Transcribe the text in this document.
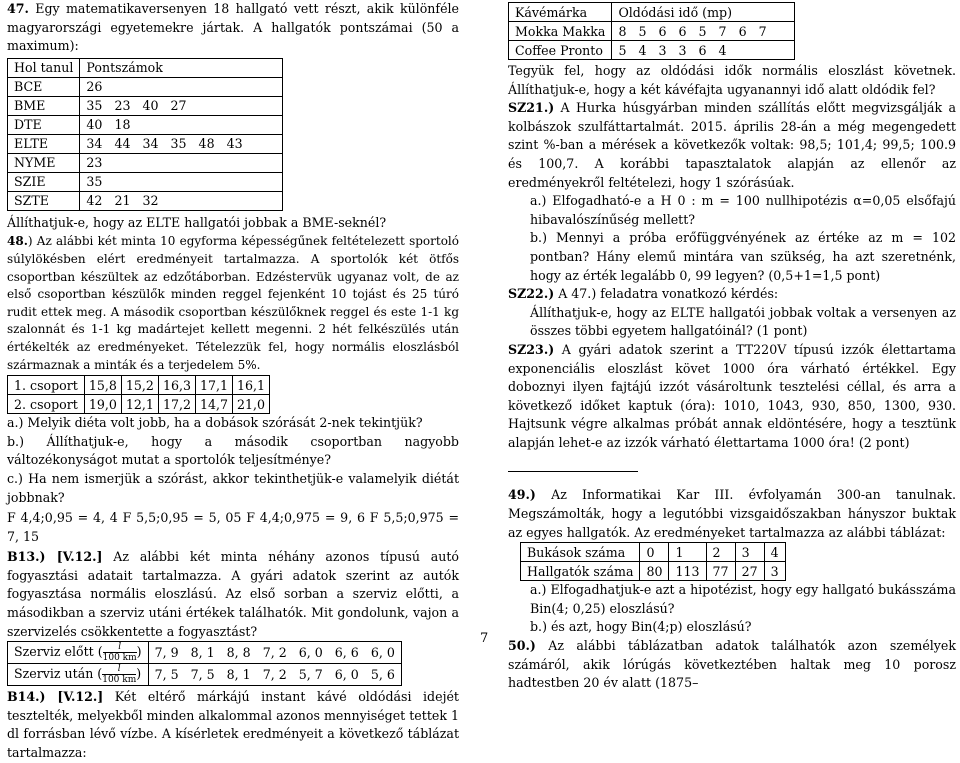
47. Egy matematikaversenyen 18 hallgató vett részt, akik különféle magyarországi egyetemekre jártak. A hallgatók pontszámai (50 a maximum):

Hol tanul	Pontszámok
BCE	26
BME	35   23   40   27
DTE	40   18
ELTE	34   44   34   35   48   43
NYME	23
SZIE	35
SZTE	42   21   32

Állíthatjuk-e, hogy az ELTE hallgatói jobbak a BME-seknél?

48.) Az alábbi két minta 10 egyforma képességűnek feltételezett sportoló súlylökésben elért eredményeit tartalmazza. A sportolók két ötfős csoportban készültek az edzőtáborban. Edzéstervük ugyanaz volt, de az első csoportban készülők minden reggel fejenként 10 tojást és 25 túró rudit ettek meg. A második csoportban készülőknek reggel és este 1-1 kg szalonnát és 1-1 kg madártejet kellett megenni. 2 hét felkészülés után értékelték az eredményeket. Tételezzük fel, hogy normális eloszlásból származnak a minták és a terjedelem 5%.

1. csoport	15,8	15,2	16,3	17,1	16,1
2. csoport	19,0	12,1	17,2	14,7	21,0

a.) Melyik diéta volt jobb, ha a dobások szórását 2-nek tekintjük?

b.) Állíthatjuk-e, hogy a második csoportban nagyobb változékonyságot mutat a sportolók teljesítménye?

c.) Ha nem ismerjük a szórást, akkor tekinthetjük-e valamelyik diétát jobbnak?

F 4,4;0,95 = 4, 4 F 5,5;0,95 = 5, 05 F 4,4;0,975 = 9, 6 F 5,5;0,975 = 7, 15

B13.) [V.12.] Az alábbi két minta néhány azonos típusú autó fogyasztási adatait tartalmazza. A gyári adatok szerint az autók fogyasztása normális eloszlású. Az első sorban a szerviz előtti, a másodikban a szerviz utáni értékek találhatók. Mit gondolunk, vajon a szervizelés csökkentette a fogyasztást?

Szerviz előtt ( $\frac{l}{100 km}$ )	7, 9   8, 1   8, 8   7, 2   6, 0   6, 6   6, 0
Szerviz után ( $\frac{l}{100 km}$ )	7, 5   7, 5   8, 1   7, 2   5, 7   6, 0   5, 6

B14.) [V.12.] Két eltérő márkájú instant kávé oldódási idejét tesztelték, melyekből minden alkalommal azonos mennyiséget tettek 1 dl forrásban lévő vízbe. A kísérletek eredményeit a következő táblázat tartalmazza:

Kávémárka	Oldódási idő (mp)
Mokka Makka	8   5   6   6   5   7   6   7
Coffee Pronto	5   4   3   3   6   4

Tegyük fel, hogy az oldódási idők normális eloszlást követnek. Állíthatjuk-e, hogy a két kávéfajta ugyanannyi idő alatt oldódik fel?

SZ21.) A Hurka húsgyárban minden szállítás előtt megvizsgálják a kolbászok szulfáttartalmát. 2015. április 28-án a még megengedett szint %-ban a mérések a következők voltak: 98,5; 101,4; 99,5; 100.9 és 100,7. A korábbi tapasztalatok alapján az ellenőr az eredményekről feltételezi, hogy 1 szórásúak.

a.) Elfogadható-e a H 0 : m = 100 nullhipotézis α=0,05 elsőfajú hibavalószínűség mellett?

b.) Mennyi a próba erőfüggvényének az értéke az m = 102 pontban? Hány elemű mintára van szükség, ha azt szeretnénk, hogy az érték legalább 0, 99 legyen? (0,5+1=1,5 pont)

SZ22.) A 47.) feladatra vonatkozó kérdés:

Állíthatjuk-e, hogy az ELTE hallgatói jobbak voltak a versenyen az összes többi egyetem hallgatóinál? (1 pont)

SZ23.) A gyári adatok szerint a TT220V típusú izzók élettartama exponenciális eloszlást követ 1000 óra várható értékkel. Egy doboznyi ilyen fajtájú izzót vásároltunk tesztelési céllal, és arra a következő időket kaptuk (óra): 1010, 1043, 930, 850, 1300, 930. Hajtsunk végre alkalmas próbát annak eldöntésére, hogy a tesztünk alapján lehet-e az izzók várható élettartama 1000 óra! (2 pont)

49.) Az Informatikai Kar III. évfolyamán 300-an tanulnak. Megszámolták, hogy a legutóbbi vizsgaidőszakban hányszor buktak az egyes hallgatók. Az eredményeket tartalmazza az alábbi táblázat:

Bukások száma	0	1	2	3	4
Hallgatók száma	80	113	77	27	3

a.) Elfogadhatjuk-e azt a hipotézist, hogy egy hallgató bukásszáma Bin(4; 0,25) eloszlású?

b.) és azt, hogy Bin(4;p) eloszlású?

50.) Az alábbi táblázatban adatok találhatók azon személyek számáról, akik lórúgás következtében haltak meg 10 porosz hadtestben 20 év alatt (1875–

7
